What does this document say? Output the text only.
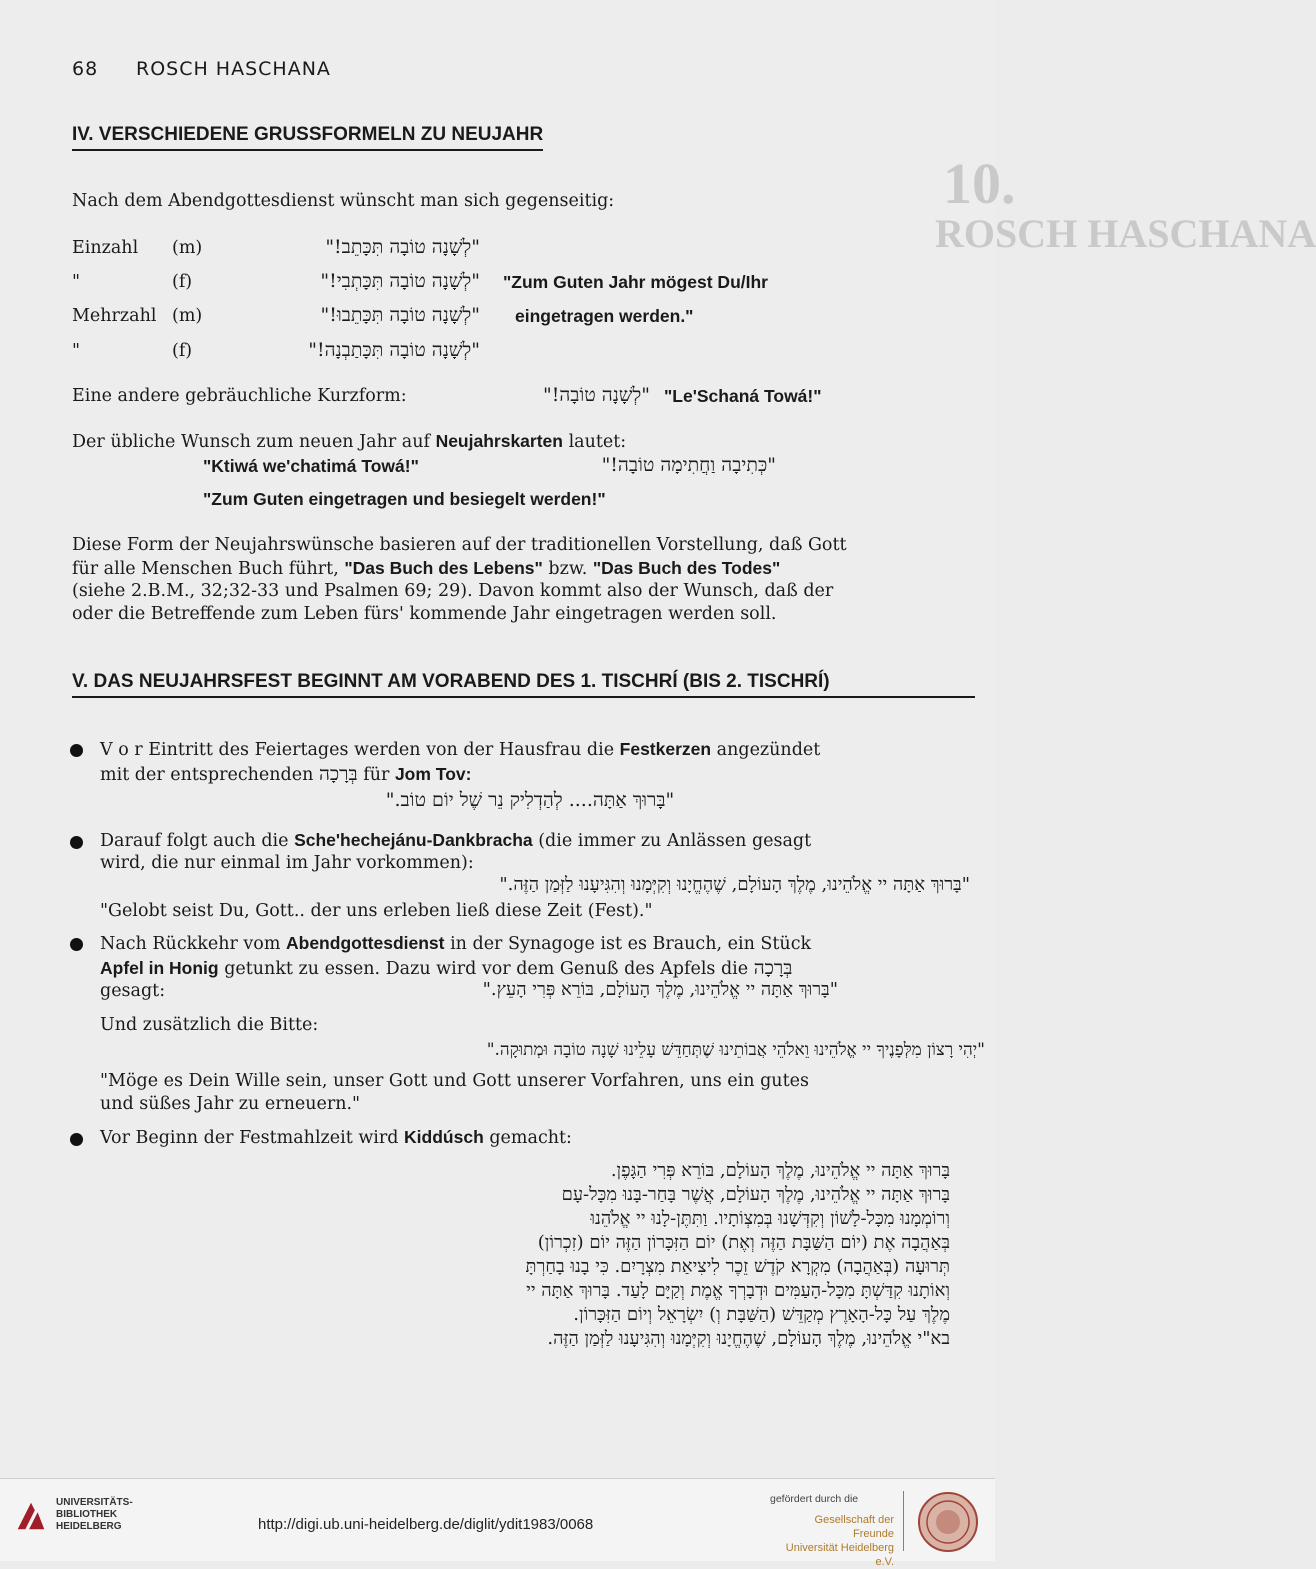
10.
ROSCH HASCHANA
68 ROSCH HASCHANA
IV. VERSCHIEDENE GRUSSFORMELN ZU NEUJAHR
Nach dem Abendgottesdienst wünscht man sich gegenseitig:
Einzahl (m)	"לְשָׁנָה טוֹבָה תִּכָּתֵב!"
"	(f)	"לְשָׁנָה טוֹבָה תִּכָּתְבִי!"
Mehrzahl (m)	"לְשָׁנָה טוֹבָה תִּכָּתֵבוּ!"
"	(f)	"לְשָׁנָה טוֹבָה תִּכָּתַבְנָה!"
"Zum Guten Jahr mögest Du/Ihr
eingetragen werden."
Eine andere gebräuchliche Kurzform:	"לְשָׁנָה טוֹבָה!" "Le'Schaná Towá!"
Der übliche Wunsch zum neuen Jahr auf Neujahrskarten lautet:
"Ktiwá we'chatimá Towá!"	"כְּתִיבָה וַחֲתִימָה טוֹבָה!"
"Zum Guten eingetragen und besiegelt werden!"
Diese Form der Neujahrswünsche basieren auf der traditionellen Vorstellung, daß Gott
für alle Menschen Buch führt, "Das Buch des Lebens" bzw. "Das Buch des Todes"
(siehe 2.B.M., 32;32-33 und Psalmen 69; 29). Davon kommt also der Wunsch, daß der
oder die Betreffende zum Leben fürs' kommende Jahr eingetragen werden soll.
V. DAS NEUJAHRSFEST BEGINNT AM VORABEND DES 1. TISCHRÍ (BIS 2. TISCHRÍ)
V o r Eintritt des Feiertages werden von der Hausfrau die Festkerzen angezündet
mit der entsprechenden בְּרָכָה für Jom Tov:
"בָּרוּךְ אַתָּה.... לְהַדְלִיק נֵר שֶׁל יוֹם טוֹב."
Darauf folgt auch die Sche'hechejánu-Dankbracha (die immer zu Anlässen gesagt
wird, die nur einmal im Jahr vorkommen):
"בָּרוּךְ אַתָּה יי אֱלֹהֵינוּ, מֶלֶךְ הָעוֹלָם, שֶׁהֶחֱיָנוּ וְקִיְּמָנוּ וְהִגִּיעָנוּ לַזְּמַן הַזֶּה."
"Gelobt seist Du, Gott.. der uns erleben ließ diese Zeit (Fest)."
Nach Rückkehr vom Abendgottesdienst in der Synagoge ist es Brauch, ein Stück
Apfel in Honig getunkt zu essen. Dazu wird vor dem Genuß des Apfels die בְּרָכָה
gesagt:	"בָּרוּךְ אַתָּה יי אֱלֹהֵינוּ, מֶלֶךְ הָעוֹלָם, בּוֹרֵא פְּרִי הָעֵץ."
Und zusätzlich die Bitte:
"יְהִי רָצוֹן מִלְּפָנֶיךָ יי אֱלֹהֵינוּ וֵאלֹהֵי אֲבוֹתֵינוּ שֶׁתְּחַדֵּשׁ עָלֵינוּ שָׁנָה טוֹבָה וּמְתוּקָה."
"Möge es Dein Wille sein, unser Gott und Gott unserer Vorfahren, uns ein gutes
und süßes Jahr zu erneuern."
Vor Beginn der Festmahlzeit wird Kiddúsch gemacht:
בָּרוּךְ אַתָּה יי אֱלֹהֵינוּ, מֶלֶךְ הָעוֹלָם, בּוֹרֵא פְּרִי הַגָּפֶן.
בָּרוּךְ אַתָּה יי אֱלֹהֵינוּ, מֶלֶךְ הָעוֹלָם, אֲשֶׁר בָּחַר-בָּנוּ מִכָּל-עָם
וְרוֹמְמָנוּ מִכָּל-לָשׁוֹן וְקִדְּשָׁנוּ בְּמִצְוֹתָיו. וַתִּתֶּן-לָנוּ יי אֱלֹהֵנוּ
בְּאַהֲבָה אֶת (יוֹם הַשַּׁבָּת הַזֶּה וְאֶת) יוֹם הַזִּכָּרוֹן הַזֶּה יוֹם (זִכְרוֹן)
תְּרוּעָה (בְּאַהֲבָה) מִקְרָא קֹדֶשׁ זֵכֶר לִיצִיאַת מִצְרָיִם. כִּי בָנוּ בָחַרְתָּ
וְאוֹתָנוּ קִדַּשְׁתָּ מִכָּל-הָעַמִּים וּדְבָרְךָ אֱמֶת וְקַיָּם לָעַד. בָּרוּךְ אַתָּה יי
מֶלֶךְ עַל כָּל-הָאָרֶץ מְקַדֵּשׁ (הַשַּׁבָּת וְ) יִשְׂרָאֵל וְיוֹם הַזִּכָּרוֹן.
בא"י אֱלֹהֵינוּ, מֶלֶךְ הָעוֹלָם, שֶׁהֶחֱיָנוּ וְקִיְּמָנוּ וְהִגִּיעָנוּ לַזְּמַן הַזֶּה.
UNIVERSITÄTS-
BIBLIOTHEK
HEIDELBERG	http://digi.ub.uni-heidelberg.de/diglit/ydit1983/0068
gefördert durch die
Gesellschaft der Freunde
Universität Heidelberg e.V.
